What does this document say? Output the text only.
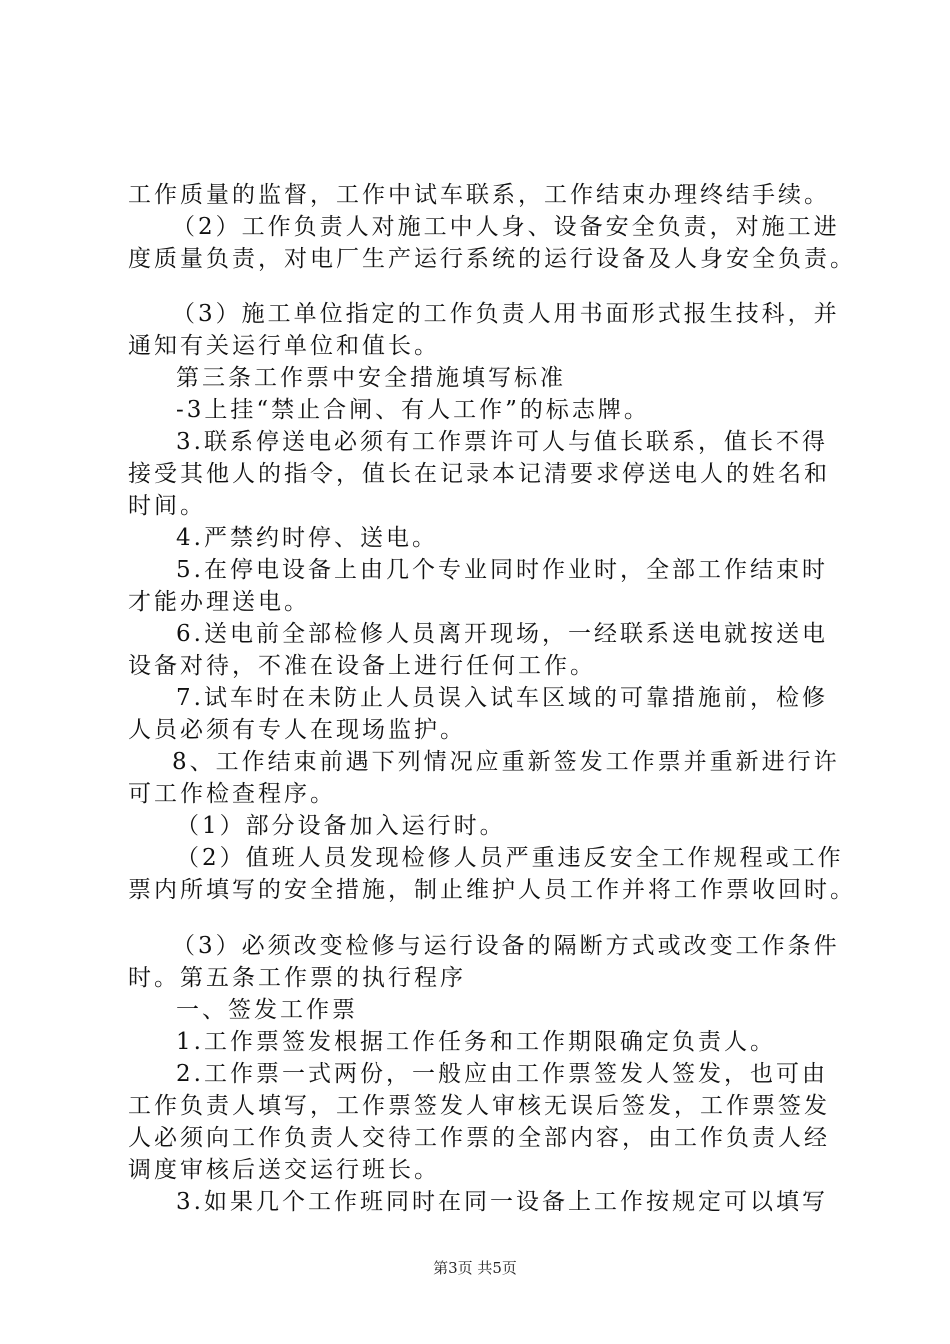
工作质量的监督，工作中试车联系，工作结束办理终结手续。
（2）工作负责人对施工中人身、设备安全负责，对施工进
度质量负责，对电厂生产运行系统的运行设备及人身安全负责。
（3）施工单位指定的工作负责人用书面形式报生技科，并
通知有关运行单位和值长。
第三条工作票中安全措施填写标准
-3上挂“禁止合闸、有人工作”的标志牌。
3.联系停送电必须有工作票许可人与值长联系，值长不得
接受其他人的指令，值长在记录本记清要求停送电人的姓名和
时间。
4.严禁约时停、送电。
5.在停电设备上由几个专业同时作业时，全部工作结束时
才能办理送电。
6.送电前全部检修人员离开现场，一经联系送电就按送电
设备对待，不准在设备上进行任何工作。
7.试车时在未防止人员误入试车区域的可靠措施前，检修
人员必须有专人在现场监护。
8、工作结束前遇下列情况应重新签发工作票并重新进行许
可工作检查程序。
（1）部分设备加入运行时。
（2）值班人员发现检修人员严重违反安全工作规程或工作
票内所填写的安全措施，制止维护人员工作并将工作票收回时。
（3）必须改变检修与运行设备的隔断方式或改变工作条件
时。第五条工作票的执行程序
一、签发工作票
1.工作票签发根据工作任务和工作期限确定负责人。
2.工作票一式两份，一般应由工作票签发人签发，也可由
工作负责人填写，工作票签发人审核无误后签发，工作票签发
人必须向工作负责人交待工作票的全部内容，由工作负责人经
调度审核后送交运行班长。
3.如果几个工作班同时在同一设备上工作按规定可以填写
第3页 共5页
